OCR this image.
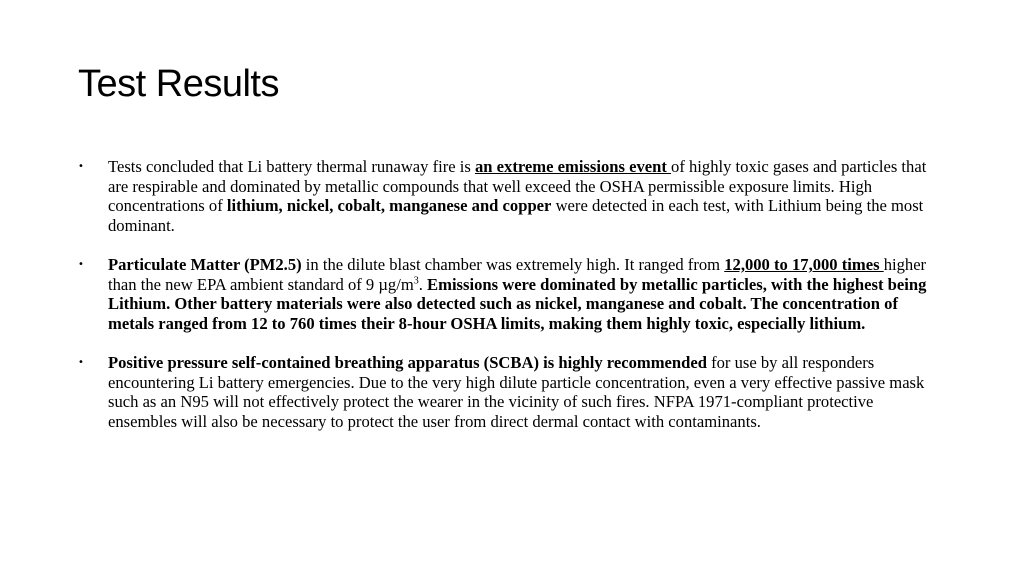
Test Results
•	Tests concluded that Li battery thermal runaway fire is an extreme emissions event of highly toxic gases and particles that are respirable and dominated by metallic compounds that well exceed the OSHA permissible exposure limits. High concentrations of lithium, nickel, cobalt, manganese and copper were detected in each test, with Lithium being the most dominant.
•	Particulate Matter (PM2.5) in the dilute blast chamber was extremely high. It ranged from 12,000 to 17,000 times higher than the new EPA ambient standard of 9 $\mu g/m^3$. Emissions were dominated by metallic particles, with the highest being Lithium. Other battery materials were also detected such as nickel, manganese and cobalt. The concentration of metals ranged from 12 to 760 times their 8-hour OSHA limits, making them highly toxic, especially lithium.
•	Positive pressure self-contained breathing apparatus (SCBA) is highly recommended for use by all responders encountering Li battery emergencies. Due to the very high dilute particle concentration, even a very effective passive mask such as an N95 will not effectively protect the wearer in the vicinity of such fires. NFPA 1971-compliant protective ensembles will also be necessary to protect the user from direct dermal contact with contaminants.
